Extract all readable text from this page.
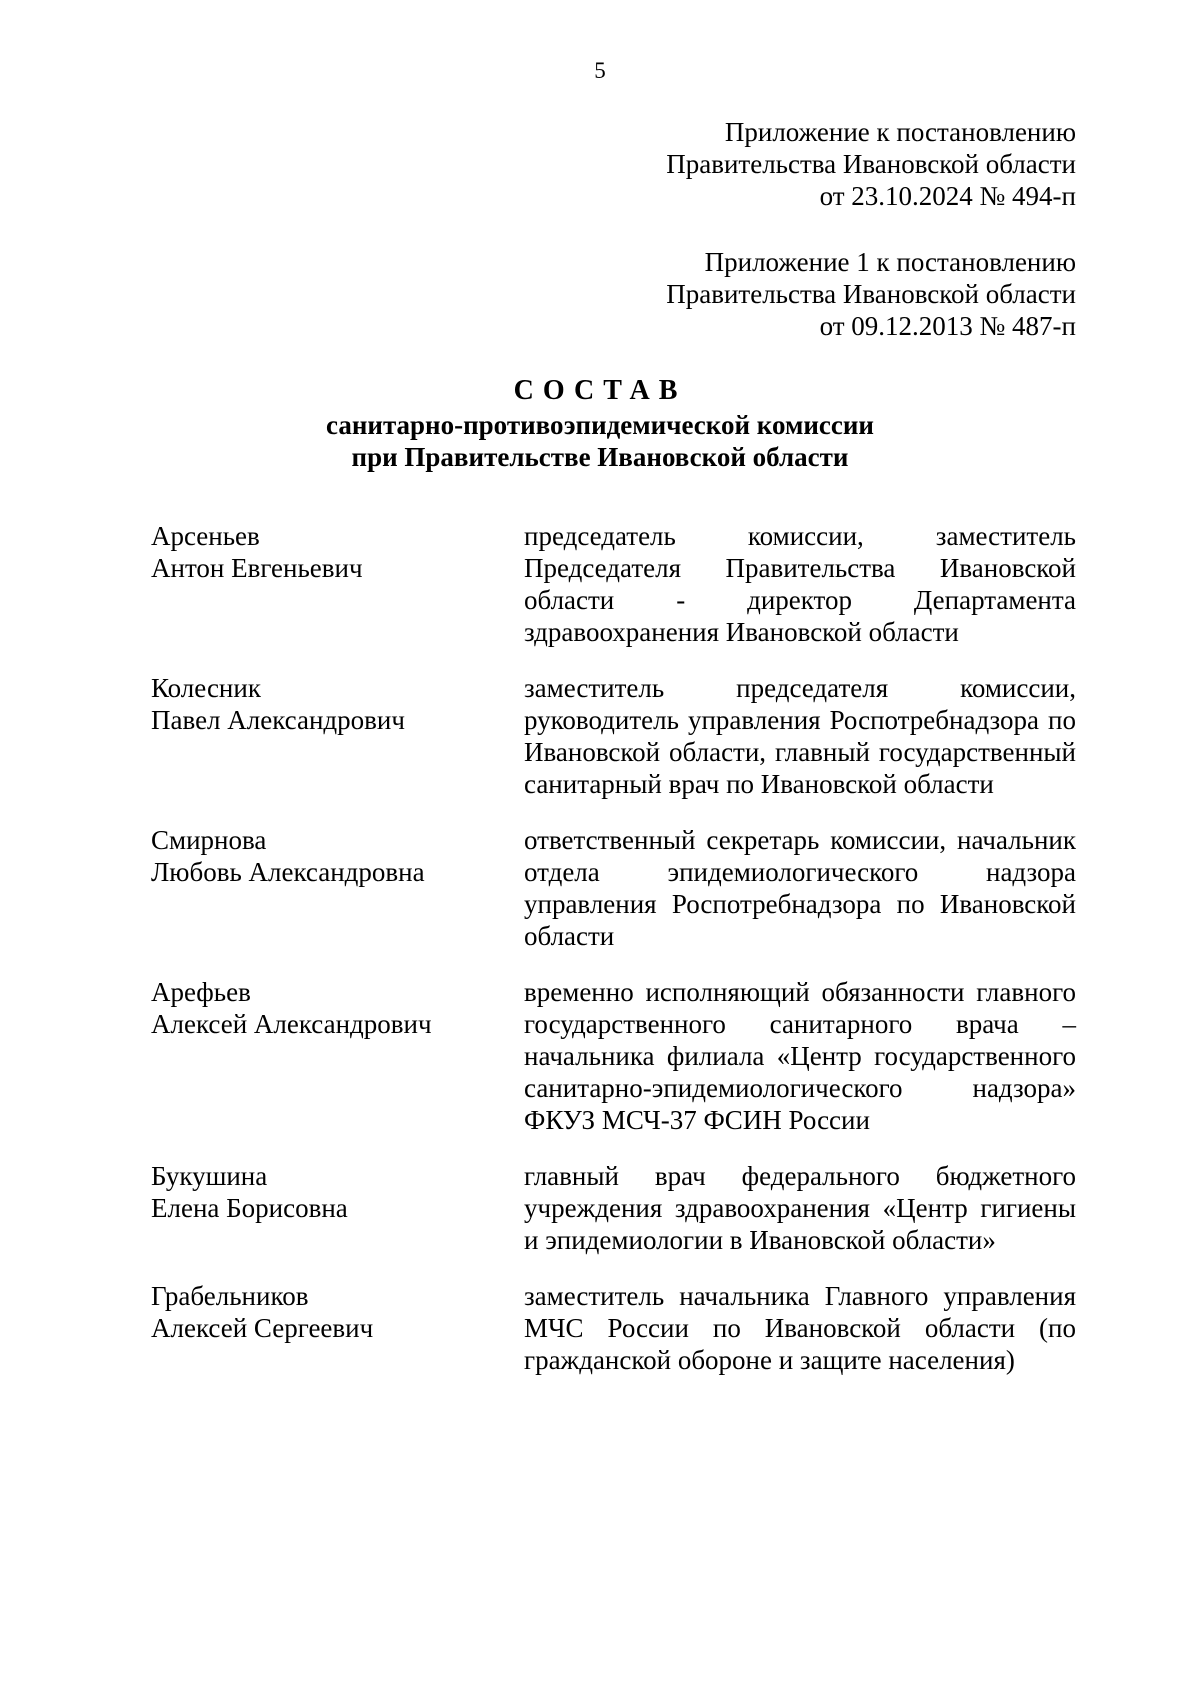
5
Приложение к постановлению
Правительства Ивановской области
от 23.10.2024 № 494-п
Приложение 1 к постановлению
Правительства Ивановской области
от 09.12.2013 № 487-п
СОСТАВ
санитарно-противоэпидемической комиссии
при Правительстве Ивановской области
Арсеньев
Антон Евгеньевич
председатель комиссии, заместитель Председателя Правительства Ивановской области - директор Департамента здравоохранения Ивановской области
Колесник
Павел Александрович
заместитель председателя комиссии, руководитель управления Роспотребнадзора по Ивановской области, главный государственный санитарный врач по Ивановской области
Смирнова
Любовь Александровна
ответственный секретарь комиссии, начальник отдела эпидемиологического надзора управления Роспотребнадзора по Ивановской области
Арефьев
Алексей Александрович
временно исполняющий обязанности главного государственного санитарного врача – начальника филиала «Центр государственного санитарно-эпидемиологического надзора» ФКУЗ МСЧ-37 ФСИН России
Букушина
Елена Борисовна
главный врач федерального бюджетного учреждения здравоохранения «Центр гигиены и эпидемиологии в Ивановской области»
Грабельников
Алексей Сергеевич
заместитель начальника Главного управления МЧС России по Ивановской области (по гражданской обороне и защите населения)
